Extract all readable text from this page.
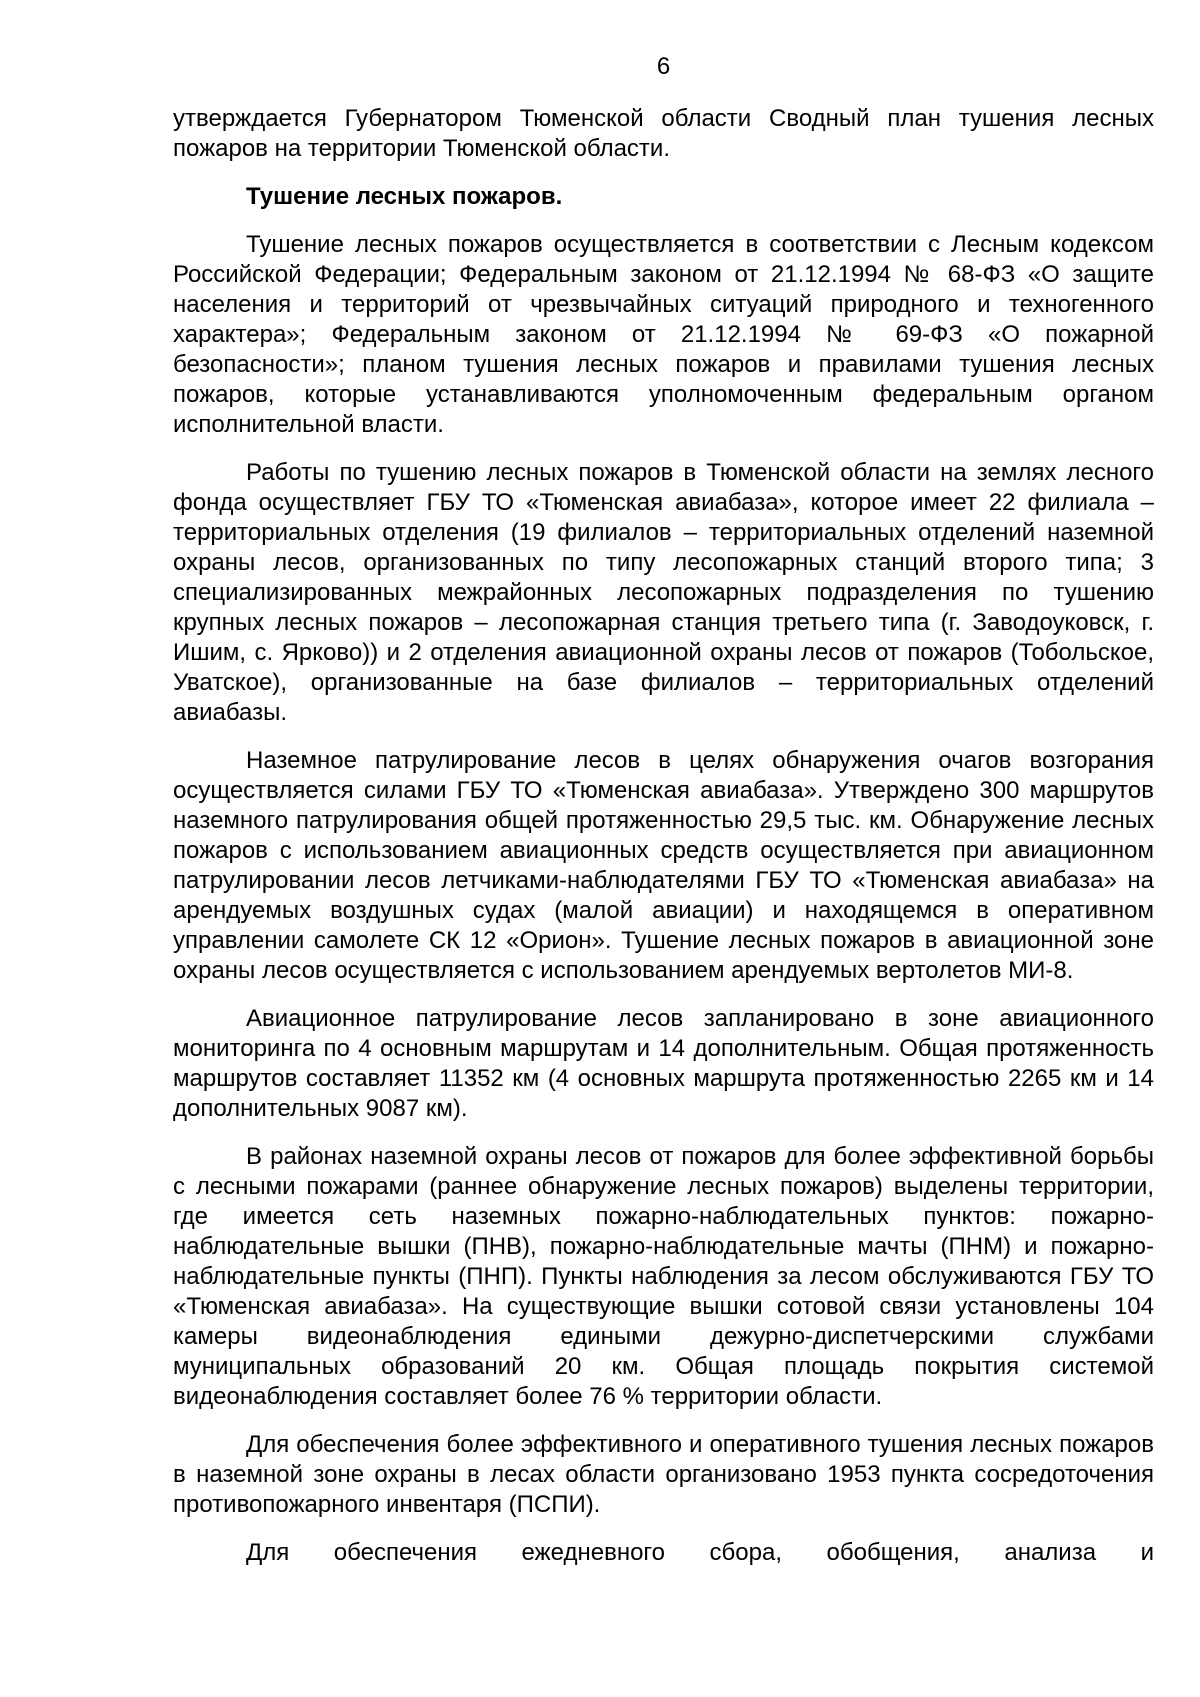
6

утверждается Губернатором Тюменской области Сводный план тушения лесных пожаров на территории Тюменской области.

Тушение лесных пожаров.

Тушение лесных пожаров осуществляется в соответствии с Лесным кодексом Российской Федерации; Федеральным законом от 21.12.1994 № 68-ФЗ «О защите населения и территорий от чрезвычайных ситуаций природного и техногенного характера»; Федеральным законом от 21.12.1994 № 69-ФЗ «О пожарной безопасности»; планом тушения лесных пожаров и правилами тушения лесных пожаров, которые устанавливаются уполномоченным федеральным органом исполнительной власти.

Работы по тушению лесных пожаров в Тюменской области на землях лесного фонда осуществляет ГБУ ТО «Тюменская авиабаза», которое имеет 22 филиала – территориальных отделения (19 филиалов – территориальных отделений наземной охраны лесов, организованных по типу лесопожарных станций второго типа; 3 специализированных межрайонных лесопожарных подразделения по тушению крупных лесных пожаров – лесопожарная станция третьего типа (г. Заводоуковск, г. Ишим, с. Ярково)) и 2 отделения авиационной охраны лесов от пожаров (Тобольское, Уватское), организованные на базе филиалов – территориальных отделений авиабазы.

Наземное патрулирование лесов в целях обнаружения очагов возгорания осуществляется силами ГБУ ТО «Тюменская авиабаза». Утверждено 300 маршрутов наземного патрулирования общей протяженностью 29,5 тыс. км. Обнаружение лесных пожаров с использованием авиационных средств осуществляется при авиационном патрулировании лесов летчиками-наблюдателями ГБУ ТО «Тюменская авиабаза» на арендуемых воздушных судах (малой авиации) и находящемся в оперативном управлении самолете СК 12 «Орион». Тушение лесных пожаров в авиационной зоне охраны лесов осуществляется с использованием арендуемых вертолетов МИ-8.

Авиационное патрулирование лесов запланировано в зоне авиационного мониторинга по 4 основным маршрутам и 14 дополнительным. Общая протяженность маршрутов составляет 11352 км (4 основных маршрута протяженностью 2265 км и 14 дополнительных 9087 км).

В районах наземной охраны лесов от пожаров для более эффективной борьбы с лесными пожарами (раннее обнаружение лесных пожаров) выделены территории, где имеется сеть наземных пожарно-наблюдательных пунктов: пожарно-наблюдательные вышки (ПНВ), пожарно-наблюдательные мачты (ПНМ) и пожарно-наблюдательные пункты (ПНП). Пункты наблюдения за лесом обслуживаются ГБУ ТО «Тюменская авиабаза». На существующие вышки сотовой связи установлены 104 камеры видеонаблюдения едиными дежурно-диспетчерскими службами муниципальных образований 20 км. Общая площадь покрытия системой видеонаблюдения составляет более 76 % территории области.

Для обеспечения более эффективного и оперативного тушения лесных пожаров в наземной зоне охраны в лесах области организовано 1953 пункта сосредоточения противопожарного инвентаря (ПСПИ).

Для обеспечения ежедневного сбора, обобщения, анализа и
